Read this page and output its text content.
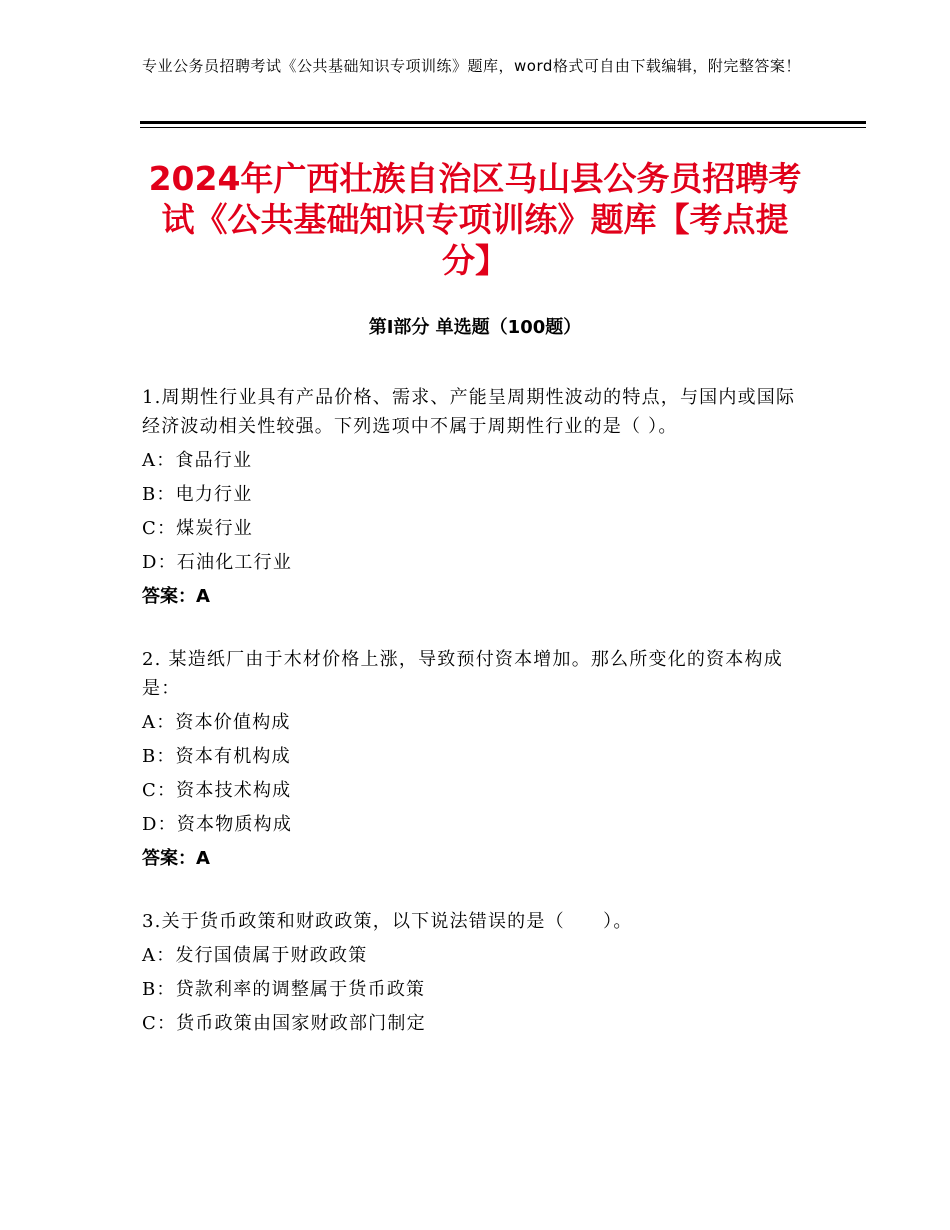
专业公务员招聘考试《公共基础知识专项训练》题库，word格式可自由下载编辑，附完整答案！
2024年广西壮族自治区马山县公务员招聘考试《公共基础知识专项训练》题库【考点提分】
第Ⅰ部分 单选题（100题）

1.周期性行业具有产品价格、需求、产能呈周期性波动的特点，与国内或国际经济波动相关性较强。下列选项中不属于周期性行业的是（ ）。

A：食品行业

B：电力行业

C：煤炭行业

D：石油化工行业

答案：A

2. 某造纸厂由于木材价格上涨，导致预付资本增加。那么所变化的资本构成是：

A：资本价值构成

B：资本有机构成

C：资本技术构成

D：资本物质构成

答案：A

3.关于货币政策和财政政策，以下说法错误的是（　　）。

A：发行国债属于财政政策

B：贷款利率的调整属于货币政策

C：货币政策由国家财政部门制定
